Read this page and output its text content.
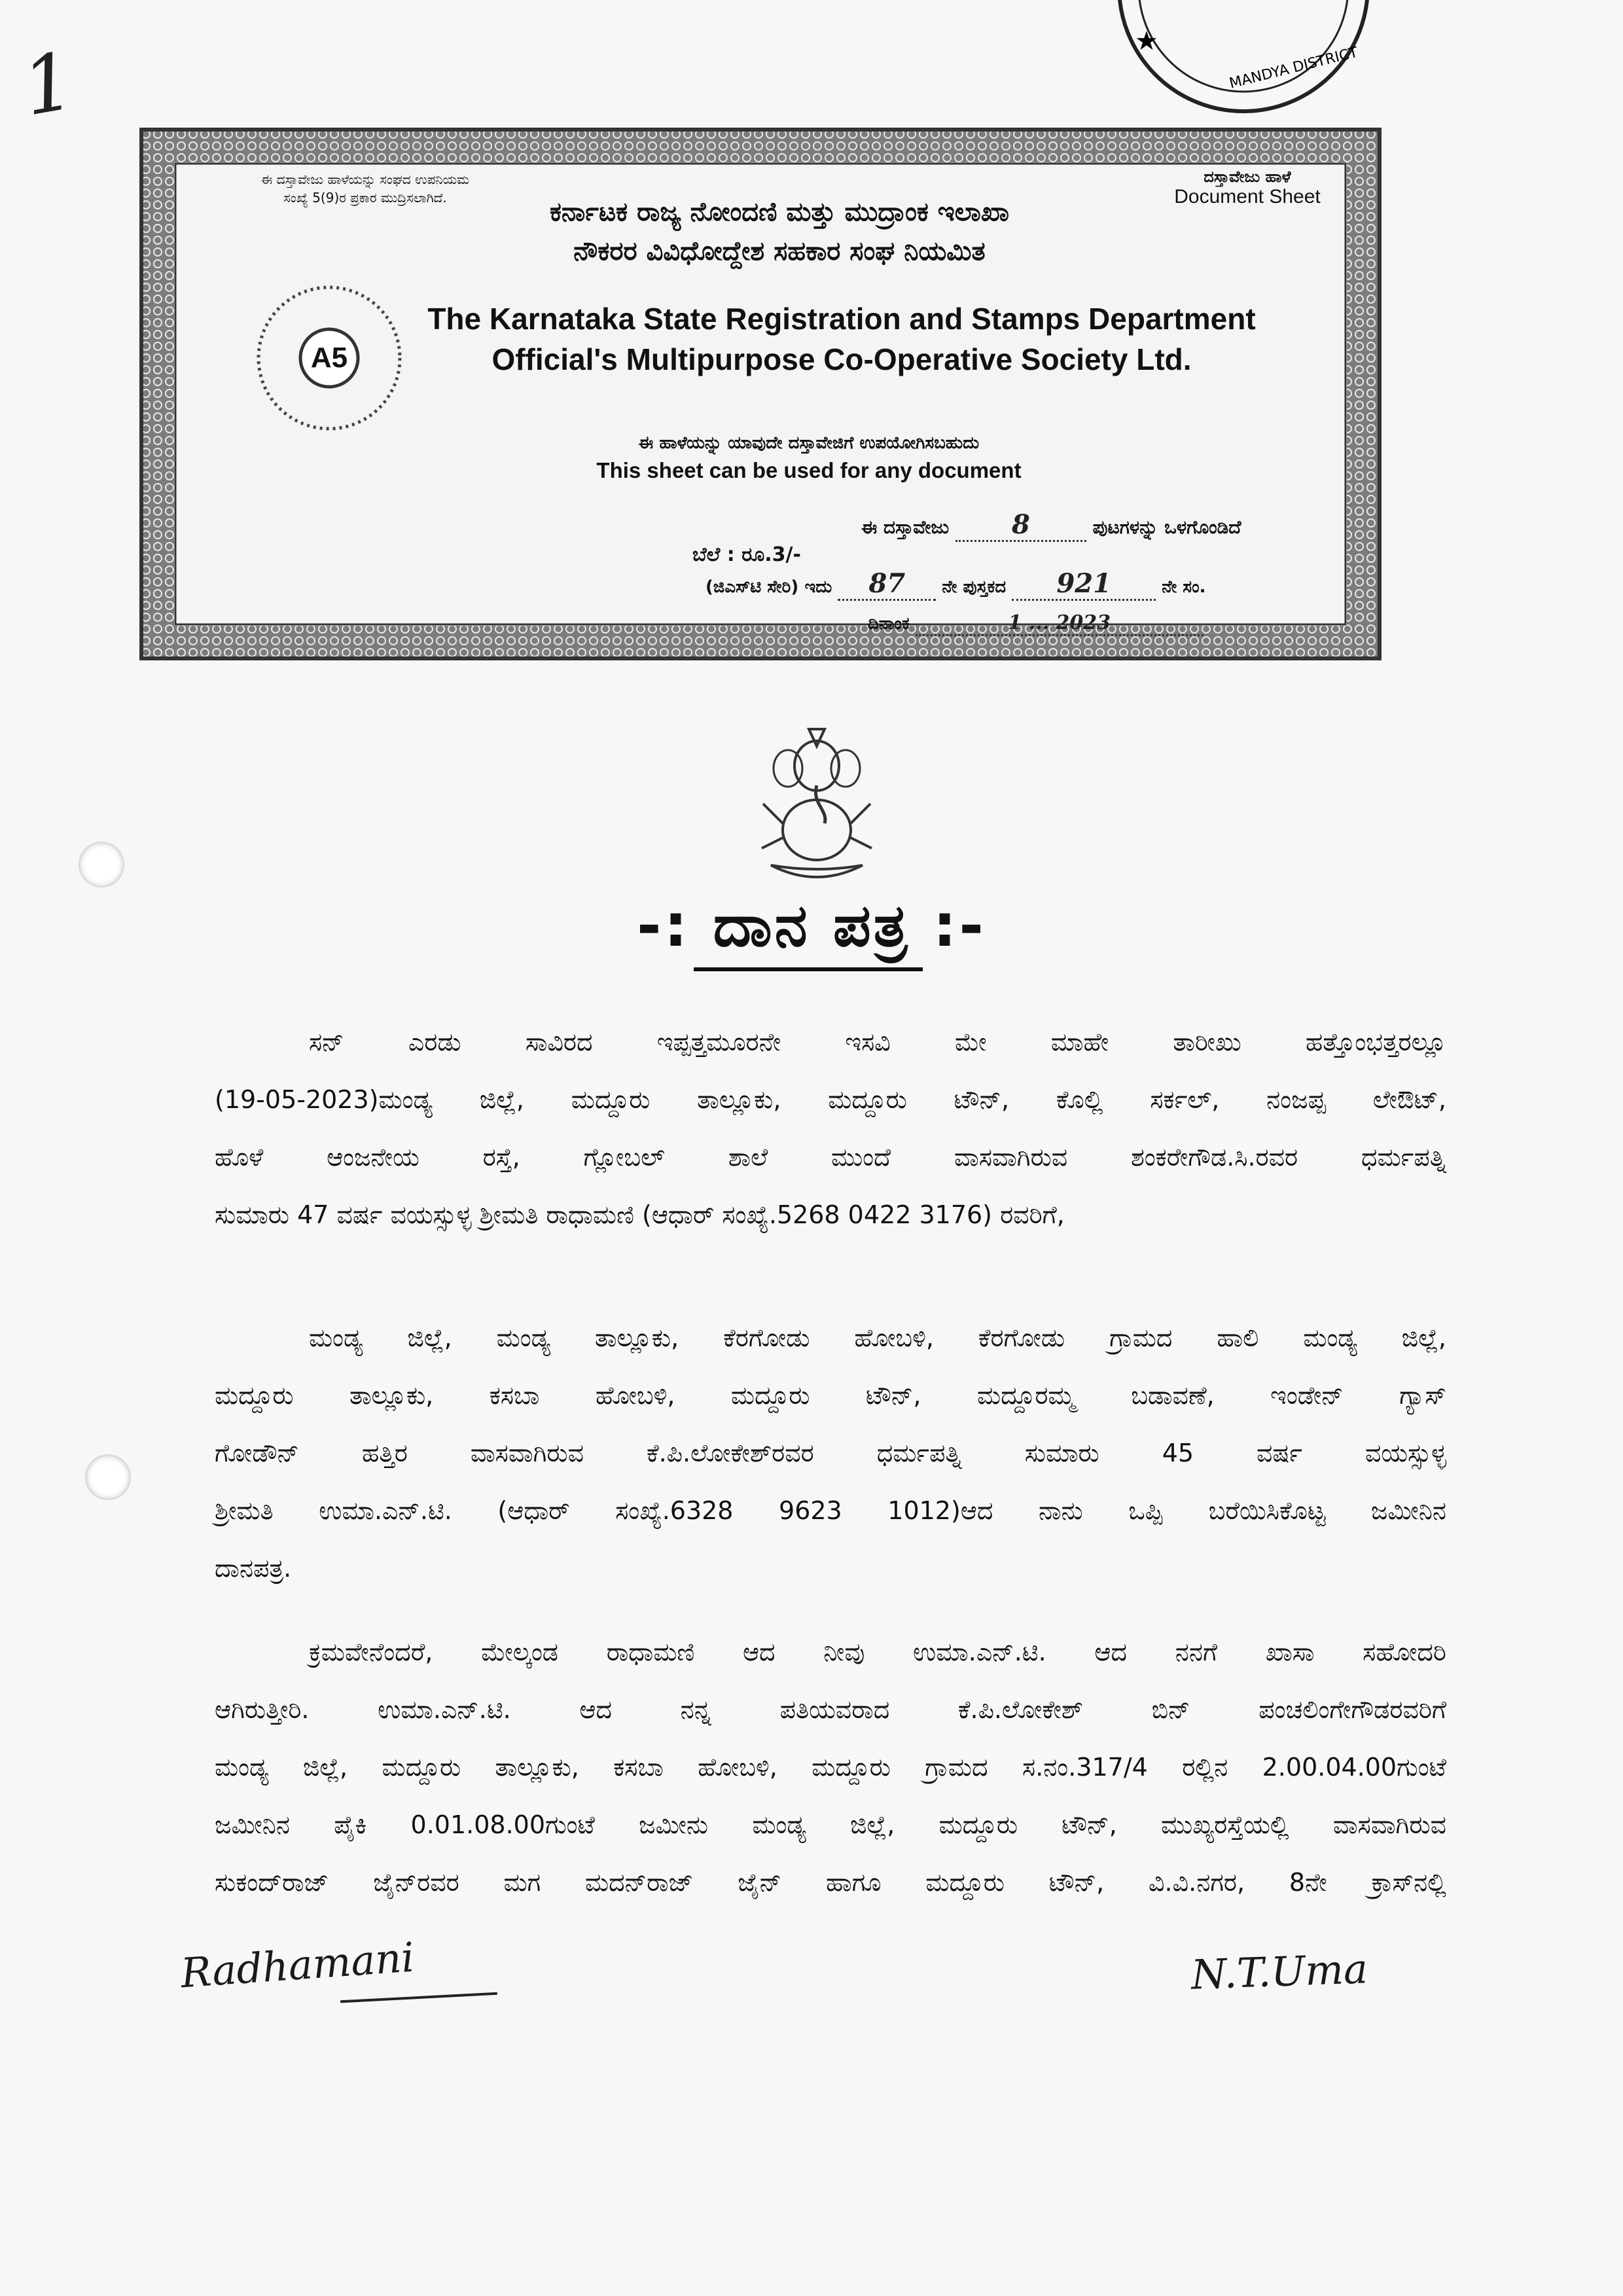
1	★
MANDYA DISTRICT
ಈ ದಸ್ತಾವೇಜು ಹಾಳೆಯನ್ನು ಸಂಘದ ಉಪನಿಯಮ
ಸಂಖ್ಯೆ 5(9)ರ ಪ್ರಕಾರ ಮುದ್ರಿಸಲಾಗಿದೆ.
ದಸ್ತಾವೇಜು ಹಾಳೆ
Document Sheet
ಕರ್ನಾಟಕ ರಾಜ್ಯ ನೋಂದಣಿ ಮತ್ತು ಮುದ್ರಾಂಕ ಇಲಾಖಾ
ನೌಕರರ ವಿವಿಧೋದ್ದೇಶ ಸಹಕಾರ ಸಂಘ ನಿಯಮಿತ
A5
The Karnataka State Registration and Stamps Department
Official's Multipurpose Co-Operative Society Ltd.
ಈ ಹಾಳೆಯನ್ನು ಯಾವುದೇ ದಸ್ತಾವೇಜಿಗೆ ಉಪಯೋಗಿಸಬಹುದು
This sheet can be used for any document
ಈ ದಸ್ತಾವೇಜು 8	ಪುಟಗಳನ್ನು ಒಳಗೊಂಡಿದೆ
ಬೆಲೆ : ರೂ.3/-
(ಜಿಎಸ್‌ಟಿ ಸೇರಿ) ಇದು 87 ನೇ ಪುಸ್ತಕದ 921	ನೇ ಸಂ.
ದಿನಾಂಕ	1 ... 2023
-: ದಾನ ಪತ್ರ :-
ಸನ್ ಎರಡು ಸಾವಿರದ ಇಪ್ಪತ್ತಮೂರನೇ ಇಸವಿ ಮೇ ಮಾಹೇ ತಾರೀಖು ಹತ್ತೊಂಭತ್ತರಲ್ಲೂ
(19-05-2023)ಮಂಡ್ಯ ಜಿಲ್ಲೆ, ಮದ್ದೂರು ತಾಲ್ಲೂಕು, ಮದ್ದೂರು ಟೌನ್, ಕೊಲ್ಲಿ ಸರ್ಕಲ್, ನಂಜಪ್ಪ ಲೇಔಟ್,
ಹೊಳೆ ಆಂಜನೇಯ ರಸ್ತೆ, ಗ್ಲೋಬಲ್ ಶಾಲೆ ಮುಂದೆ ವಾಸವಾಗಿರುವ ಶಂಕರೇಗೌಡ.ಸಿ.ರವರ ಧರ್ಮಪತ್ನಿ
ಸುಮಾರು 47 ವರ್ಷ ವಯಸ್ಸುಳ್ಳ ಶ್ರೀಮತಿ ರಾಧಾಮಣಿ (ಆಧಾರ್ ಸಂಖ್ಯೆ.5268 0422 3176) ರವರಿಗೆ,
ಮಂಡ್ಯ ಜಿಲ್ಲೆ, ಮಂಡ್ಯ ತಾಲ್ಲೂಕು, ಕೆರಗೋಡು ಹೋಬಳಿ, ಕೆರಗೋಡು ಗ್ರಾಮದ ಹಾಲಿ ಮಂಡ್ಯ ಜಿಲ್ಲೆ,
ಮದ್ದೂರು ತಾಲ್ಲೂಕು, ಕಸಬಾ ಹೋಬಳಿ, ಮದ್ದೂರು ಟೌನ್, ಮದ್ದೂರಮ್ಮ ಬಡಾವಣೆ, ಇಂಡೇನ್ ಗ್ಯಾಸ್
ಗೋಡೌನ್ ಹತ್ತಿರ ವಾಸವಾಗಿರುವ ಕೆ.ಪಿ.ಲೋಕೇಶ್‌ರವರ ಧರ್ಮಪತ್ನಿ ಸುಮಾರು 45 ವರ್ಷ ವಯಸ್ಸುಳ್ಳ
ಶ್ರೀಮತಿ ಉಮಾ.ಎನ್.ಟಿ. (ಆಧಾರ್ ಸಂಖ್ಯೆ.6328 9623 1012)ಆದ ನಾನು ಒಪ್ಪಿ ಬರೆಯಿಸಿಕೊಟ್ಟ ಜಮೀನಿನ
ದಾನಪತ್ರ.
ಕ್ರಮವೇನೆಂದರೆ, ಮೇಲ್ಕಂಡ ರಾಧಾಮಣಿ ಆದ ನೀವು ಉಮಾ.ಎನ್.ಟಿ. ಆದ ನನಗೆ ಖಾಸಾ ಸಹೋದರಿ
ಆಗಿರುತ್ತೀರಿ. ಉಮಾ.ಎನ್.ಟಿ. ಆದ ನನ್ನ ಪತಿಯವರಾದ ಕೆ.ಪಿ.ಲೋಕೇಶ್ ಬಿನ್ ಪಂಚಲಿಂಗೇಗೌಡರವರಿಗೆ
ಮಂಡ್ಯ ಜಿಲ್ಲೆ, ಮದ್ದೂರು ತಾಲ್ಲೂಕು, ಕಸಬಾ ಹೋಬಳಿ, ಮದ್ದೂರು ಗ್ರಾಮದ ಸ.ನಂ.317/4 ರಲ್ಲಿನ 2.00.04.00ಗುಂಟೆ
ಜಮೀನಿನ ಪೈಕಿ 0.01.08.00ಗುಂಟೆ ಜಮೀನು ಮಂಡ್ಯ ಜಿಲ್ಲೆ, ಮದ್ದೂರು ಟೌನ್, ಮುಖ್ಯರಸ್ತೆಯಲ್ಲಿ ವಾಸವಾಗಿರುವ
ಸುಕಂದ್‌ರಾಜ್ ಜೈನ್‌ರವರ ಮಗ ಮದನ್‌ರಾಜ್ ಜೈನ್ ಹಾಗೂ ಮದ್ದೂರು ಟೌನ್, ವಿ.ವಿ.ನಗರ, 8ನೇ ಕ್ರಾಸ್‌ನಲ್ಲಿ
Radhamani	N.T.Uma
